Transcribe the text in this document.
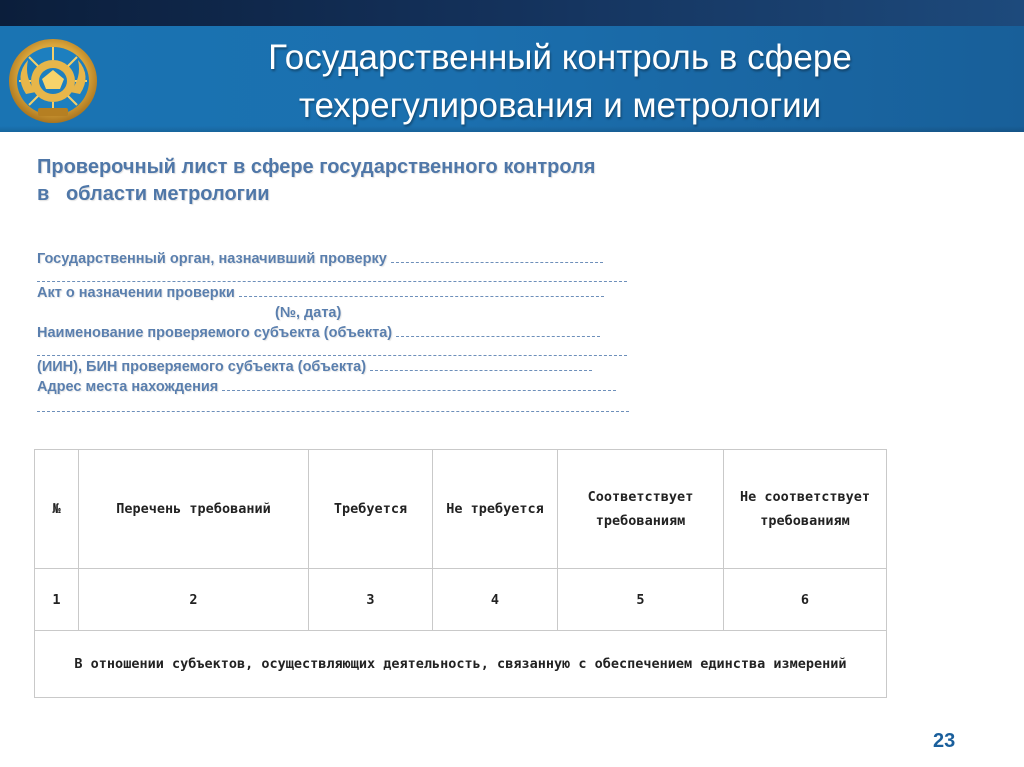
Государственный контроль в сфере
техрегулирования и метрологии
Проверочный лист в сфере государственного контроля
в   области метрологии
Государственный орган, назначивший проверку
Акт о назначении проверки
(№, дата)
Наименование проверяемого субъекта (объекта)
(ИИН), БИН проверяемого субъекта (объекта)
Адрес места нахождения
№	Перечень требований	Требуется	Не требуется	Соответствует требованиям	Не соответствует требованиям
1	2	3	4	5	6
В отношении субъектов, осуществляющих деятельность, связанную с обеспечением единства измерений					
23
